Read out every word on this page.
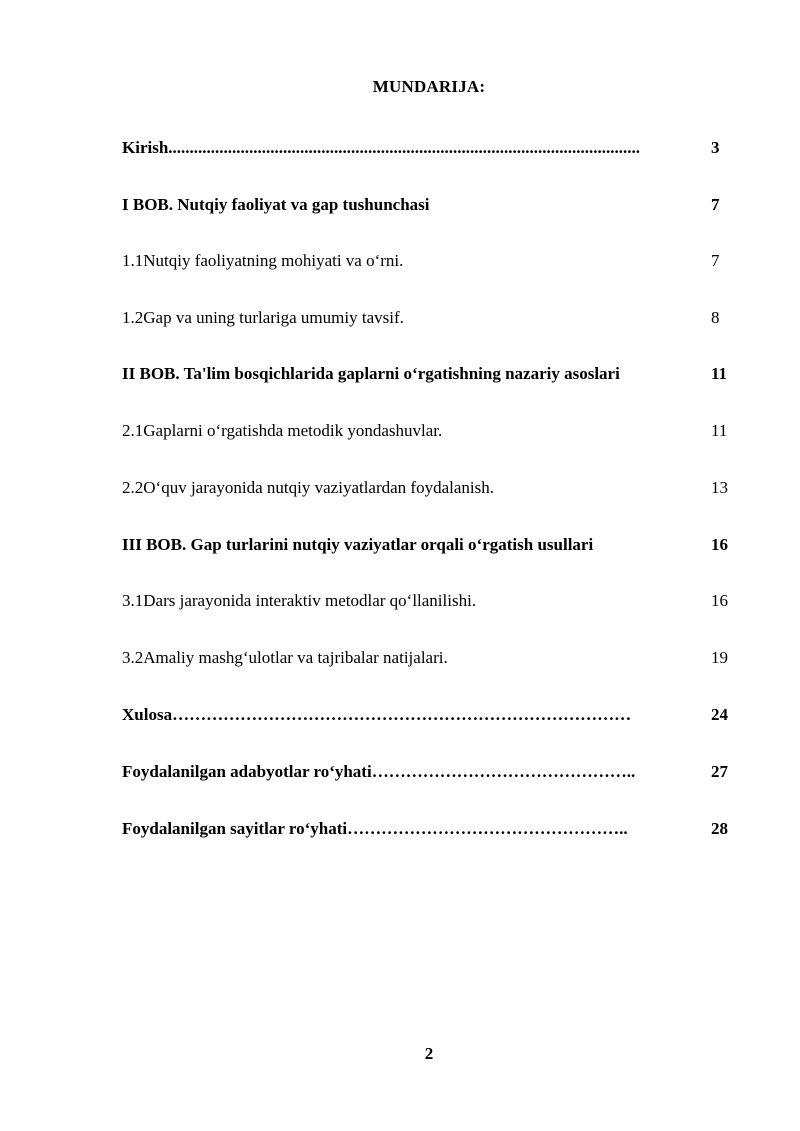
MUNDARIJA:
Kirish...............................................................................................................	3
I BOB. Nutqiy faoliyat va gap tushunchasi	7
1.1Nutqiy faoliyatning mohiyati va o‘rni.	7
1.2Gap va uning turlariga umumiy tavsif.	8
II BOB. Ta'lim bosqichlarida gaplarni o‘rgatishning nazariy asoslari	11
2.1Gaplarni o‘rgatishda metodik yondashuvlar.	11
2.2O‘quv jarayonida nutqiy vaziyatlardan foydalanish.	13
III BOB. Gap turlarini nutqiy vaziyatlar orqali o‘rgatish usullari	16
3.1Dars jarayonida interaktiv metodlar qo‘llanilishi.	16
3.2Amaliy mashg‘ulotlar va tajribalar natijalari.	19
Xulosa………………………………………………………………………	24
Foydalanilgan adabyotlar ro‘yhati………………………………………..	27
Foydalanilgan sayitlar ro‘yhati…………………………………………..	28
2
